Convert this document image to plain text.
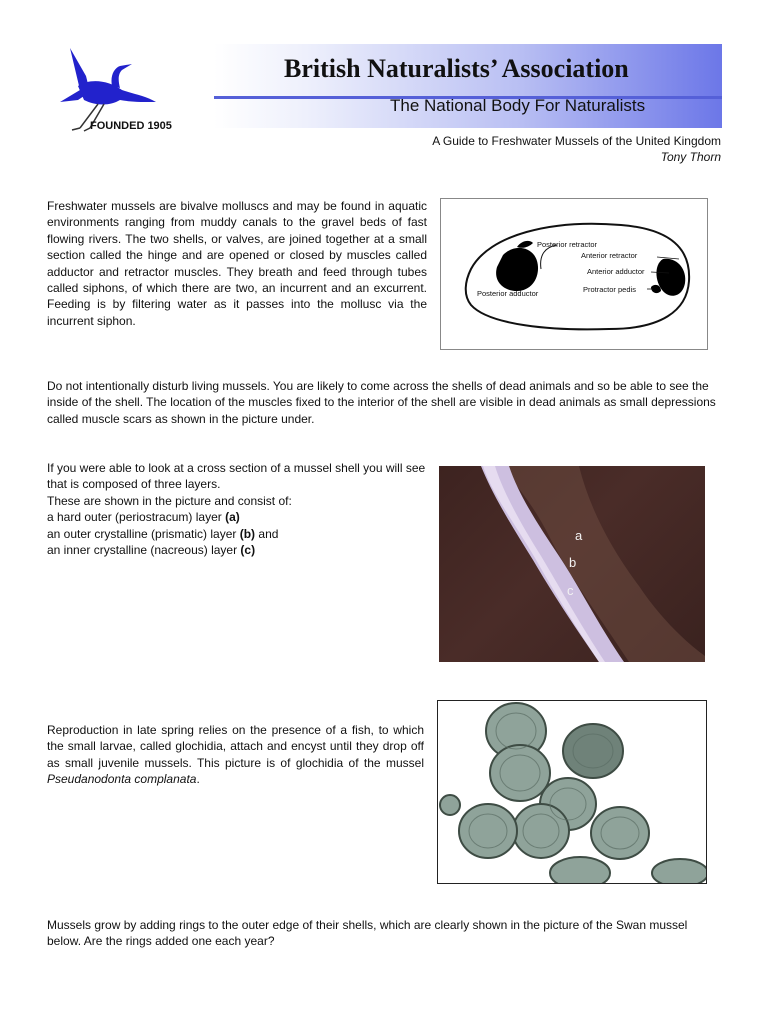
British Naturalists’ Association
The National Body For Naturalists
FOUNDED 1905
A Guide to Freshwater Mussels of the United Kingdom
Tony Thorn
Freshwater mussels are bivalve molluscs and may be found in aquatic environments ranging from muddy canals to the gravel beds of fast flowing rivers. The two shells, or valves, are joined together at a small section called the hinge and are opened or closed by muscles called adductor and retractor muscles. They breath and feed through tubes called siphons, of which there are two, an incurrent and an excurrent. Feeding is by filtering water as it passes into the mollusc via the incurrent siphon.
Posterior retractor
Anterior retractor
Anterior adductor
Posterior adductor	Protractor pedis
Do not intentionally disturb living mussels. You are likely to come across the shells of dead animals and so be able to see the inside of the shell. The location of the muscles fixed to the interior of the shell are visible in dead animals as small depressions called muscle scars as shown in the picture under.
If you were able to look at a cross section of a mussel shell you will see that is composed of three layers.
These are shown in the picture and consist of:
a hard outer (periostracum) layer (a)
an outer crystalline (prismatic) layer (b) and
an inner crystalline (nacreous) layer (c)
a
b
c
Reproduction in late spring relies on the presence of a fish, to which the small larvae, called glochidia, attach and encyst until they drop off as small juvenile mussels. This picture is of glochidia of the mussel Pseudanodonta complanata.
Mussels grow by adding rings to the outer edge of their shells, which are clearly shown in the picture of the Swan mussel below. Are the rings added one each year?
